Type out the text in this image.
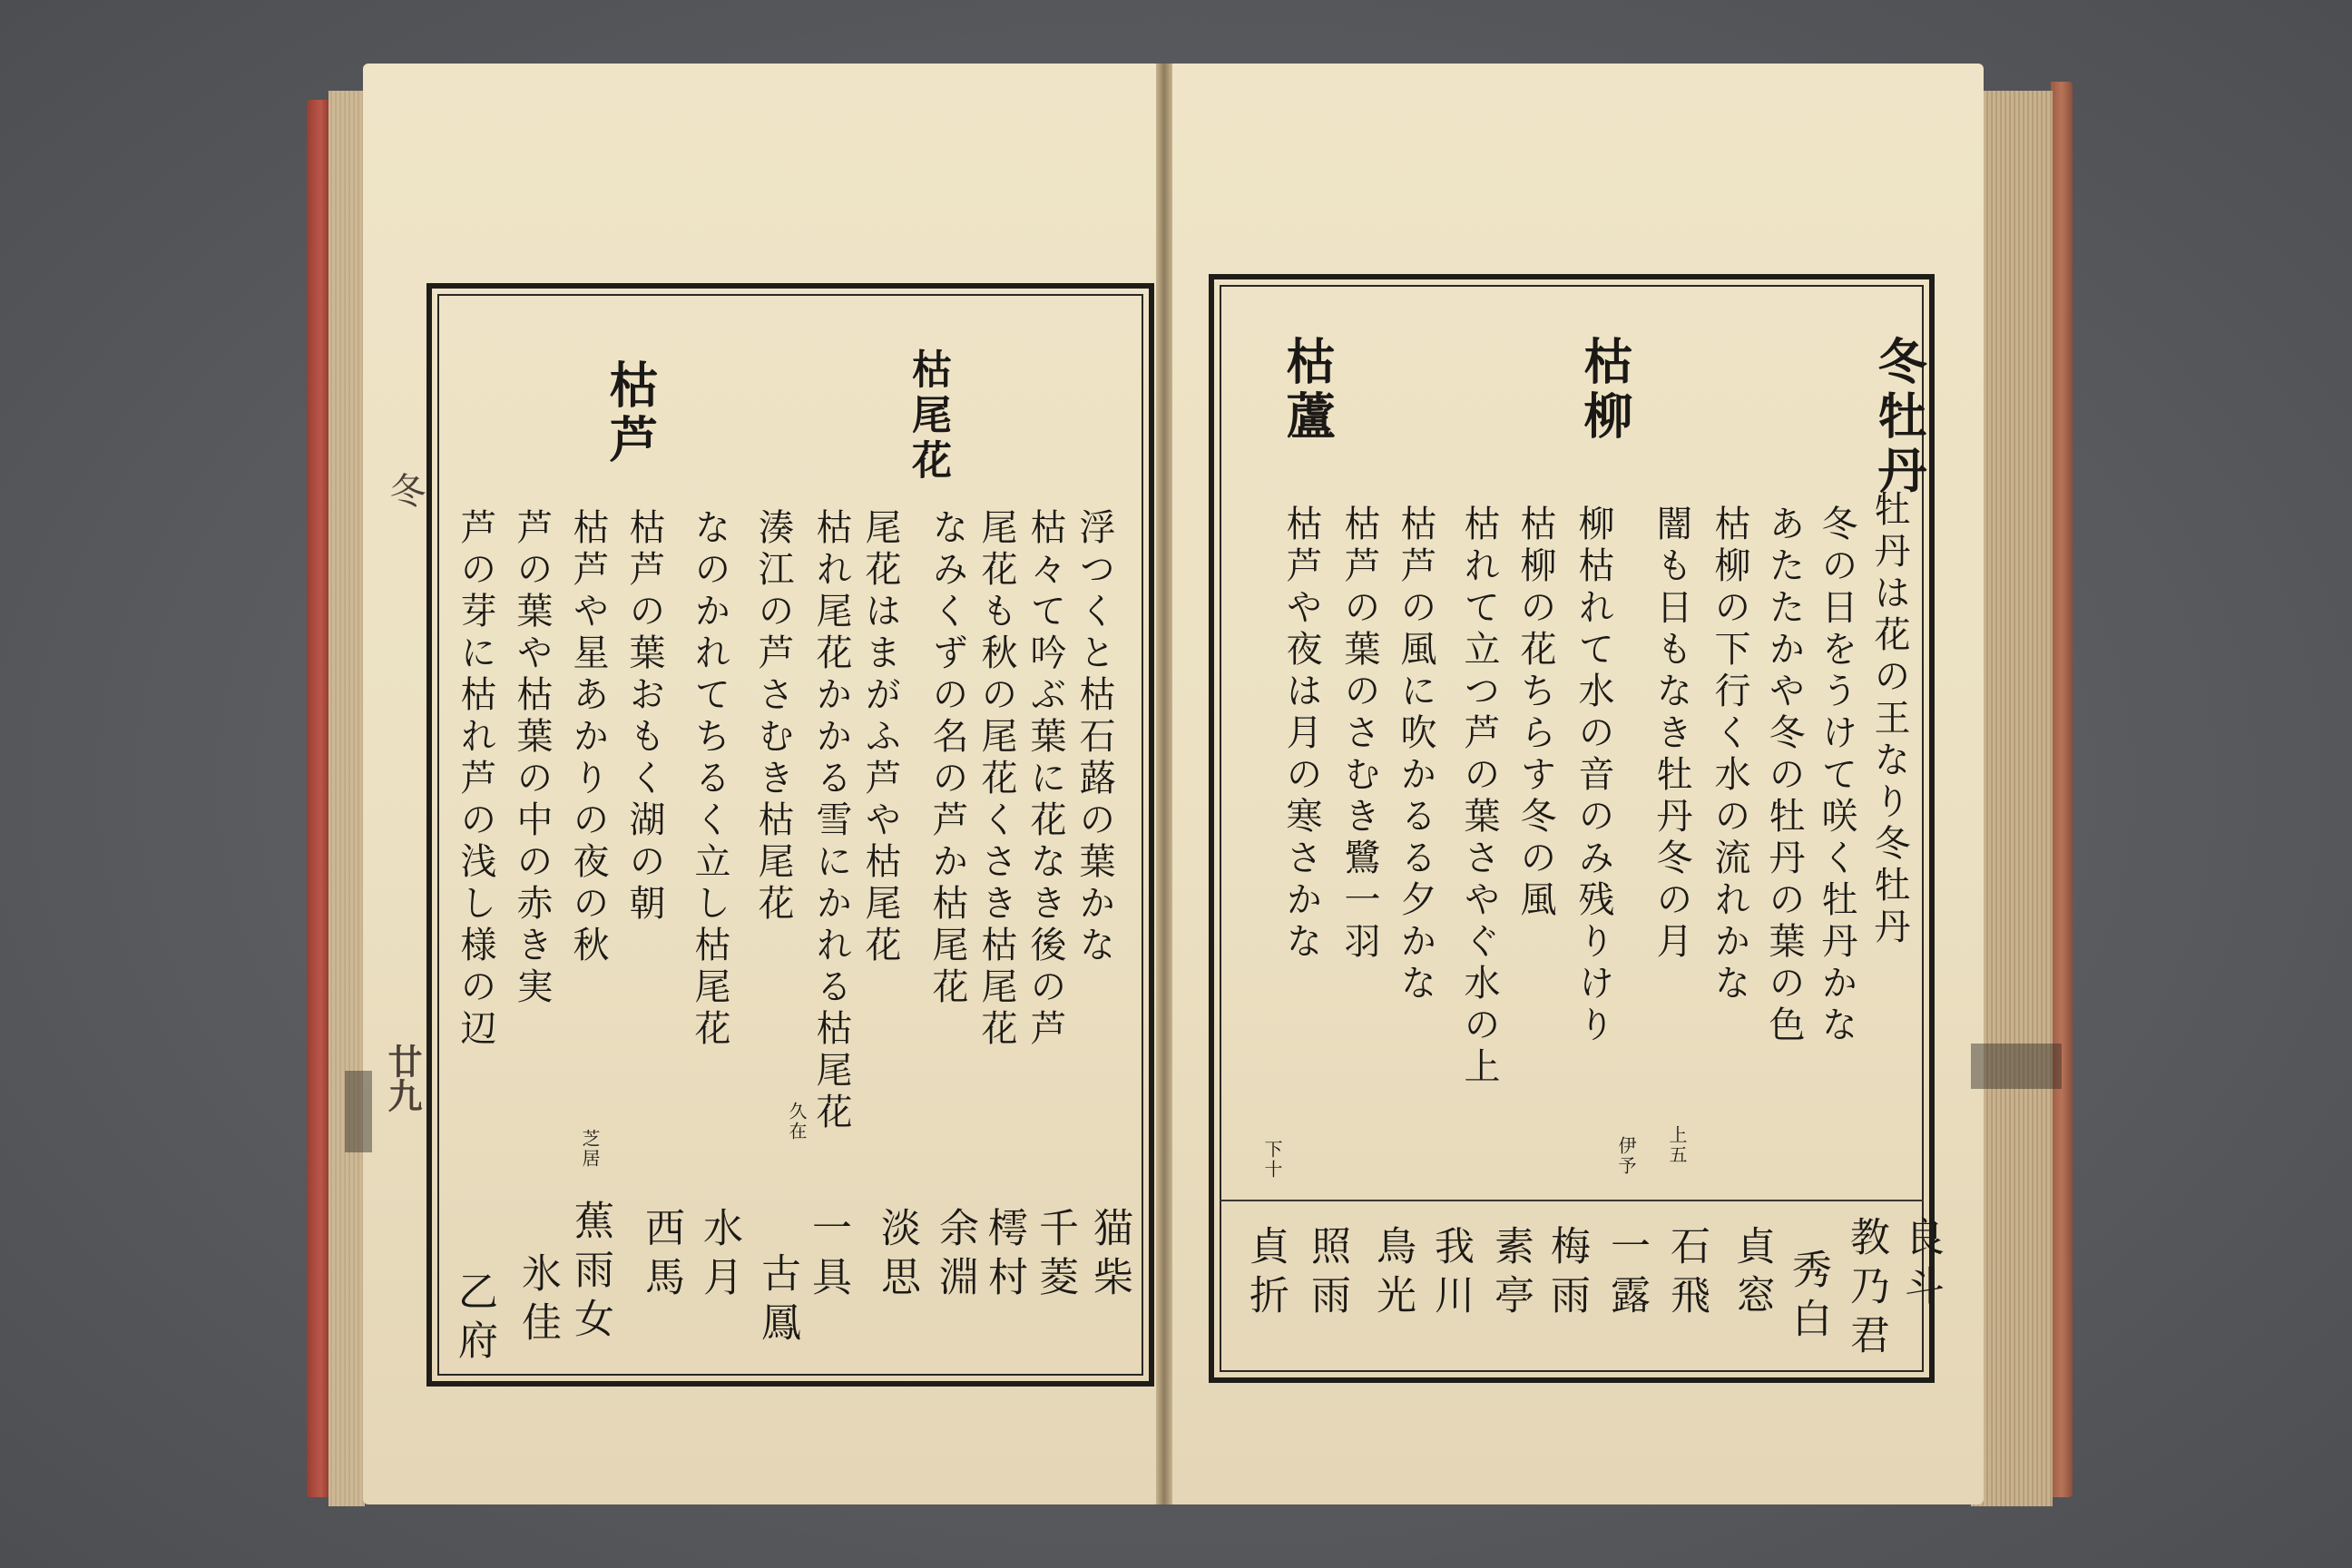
冬
廿九
枯尾花
枯芦
浮つくと枯石蕗の葉かな
枯々て吟ぶ葉に花なき後の芦
尾花も秋の尾花くさき枯尾花
なみくずの名の芦か枯尾花
尾花はまがふ芦や枯尾花
枯れ尾花かかる雪にかれる枯尾花
湊江の芦さむき枯尾花
なのかれてちるく立し枯尾花
枯芦の葉おもく湖の朝
枯芦や星あかりの夜の秋
芦の葉や枯葉の中の赤き実
芦の芽に枯れ芦の浅し様の辺
久在
芝居
猫柴
千菱
樗村
余淵
淡思
一具
古鳳
水月
西馬
蕉雨女
氷佳
乙府
冬牡丹
枯柳
枯蘆
牡丹は花の王なり冬牡丹
冬の日をうけて咲く牡丹かな
あたたかや冬の牡丹の葉の色
枯柳の下行く水の流れかな
闇も日もなき牡丹冬の月
柳枯れて水の音のみ残りけり
枯柳の花ちらす冬の風
枯れて立つ芦の葉さやぐ水の上
枯芦の風に吹かるる夕かな
枯芦の葉のさむき鷺一羽
枯芦や夜は月の寒さかな
上五
伊予
下十
良斗
教乃君
秀白
貞窓
石飛
一露
梅雨
素亭
我川
鳥光
照雨
貞折
